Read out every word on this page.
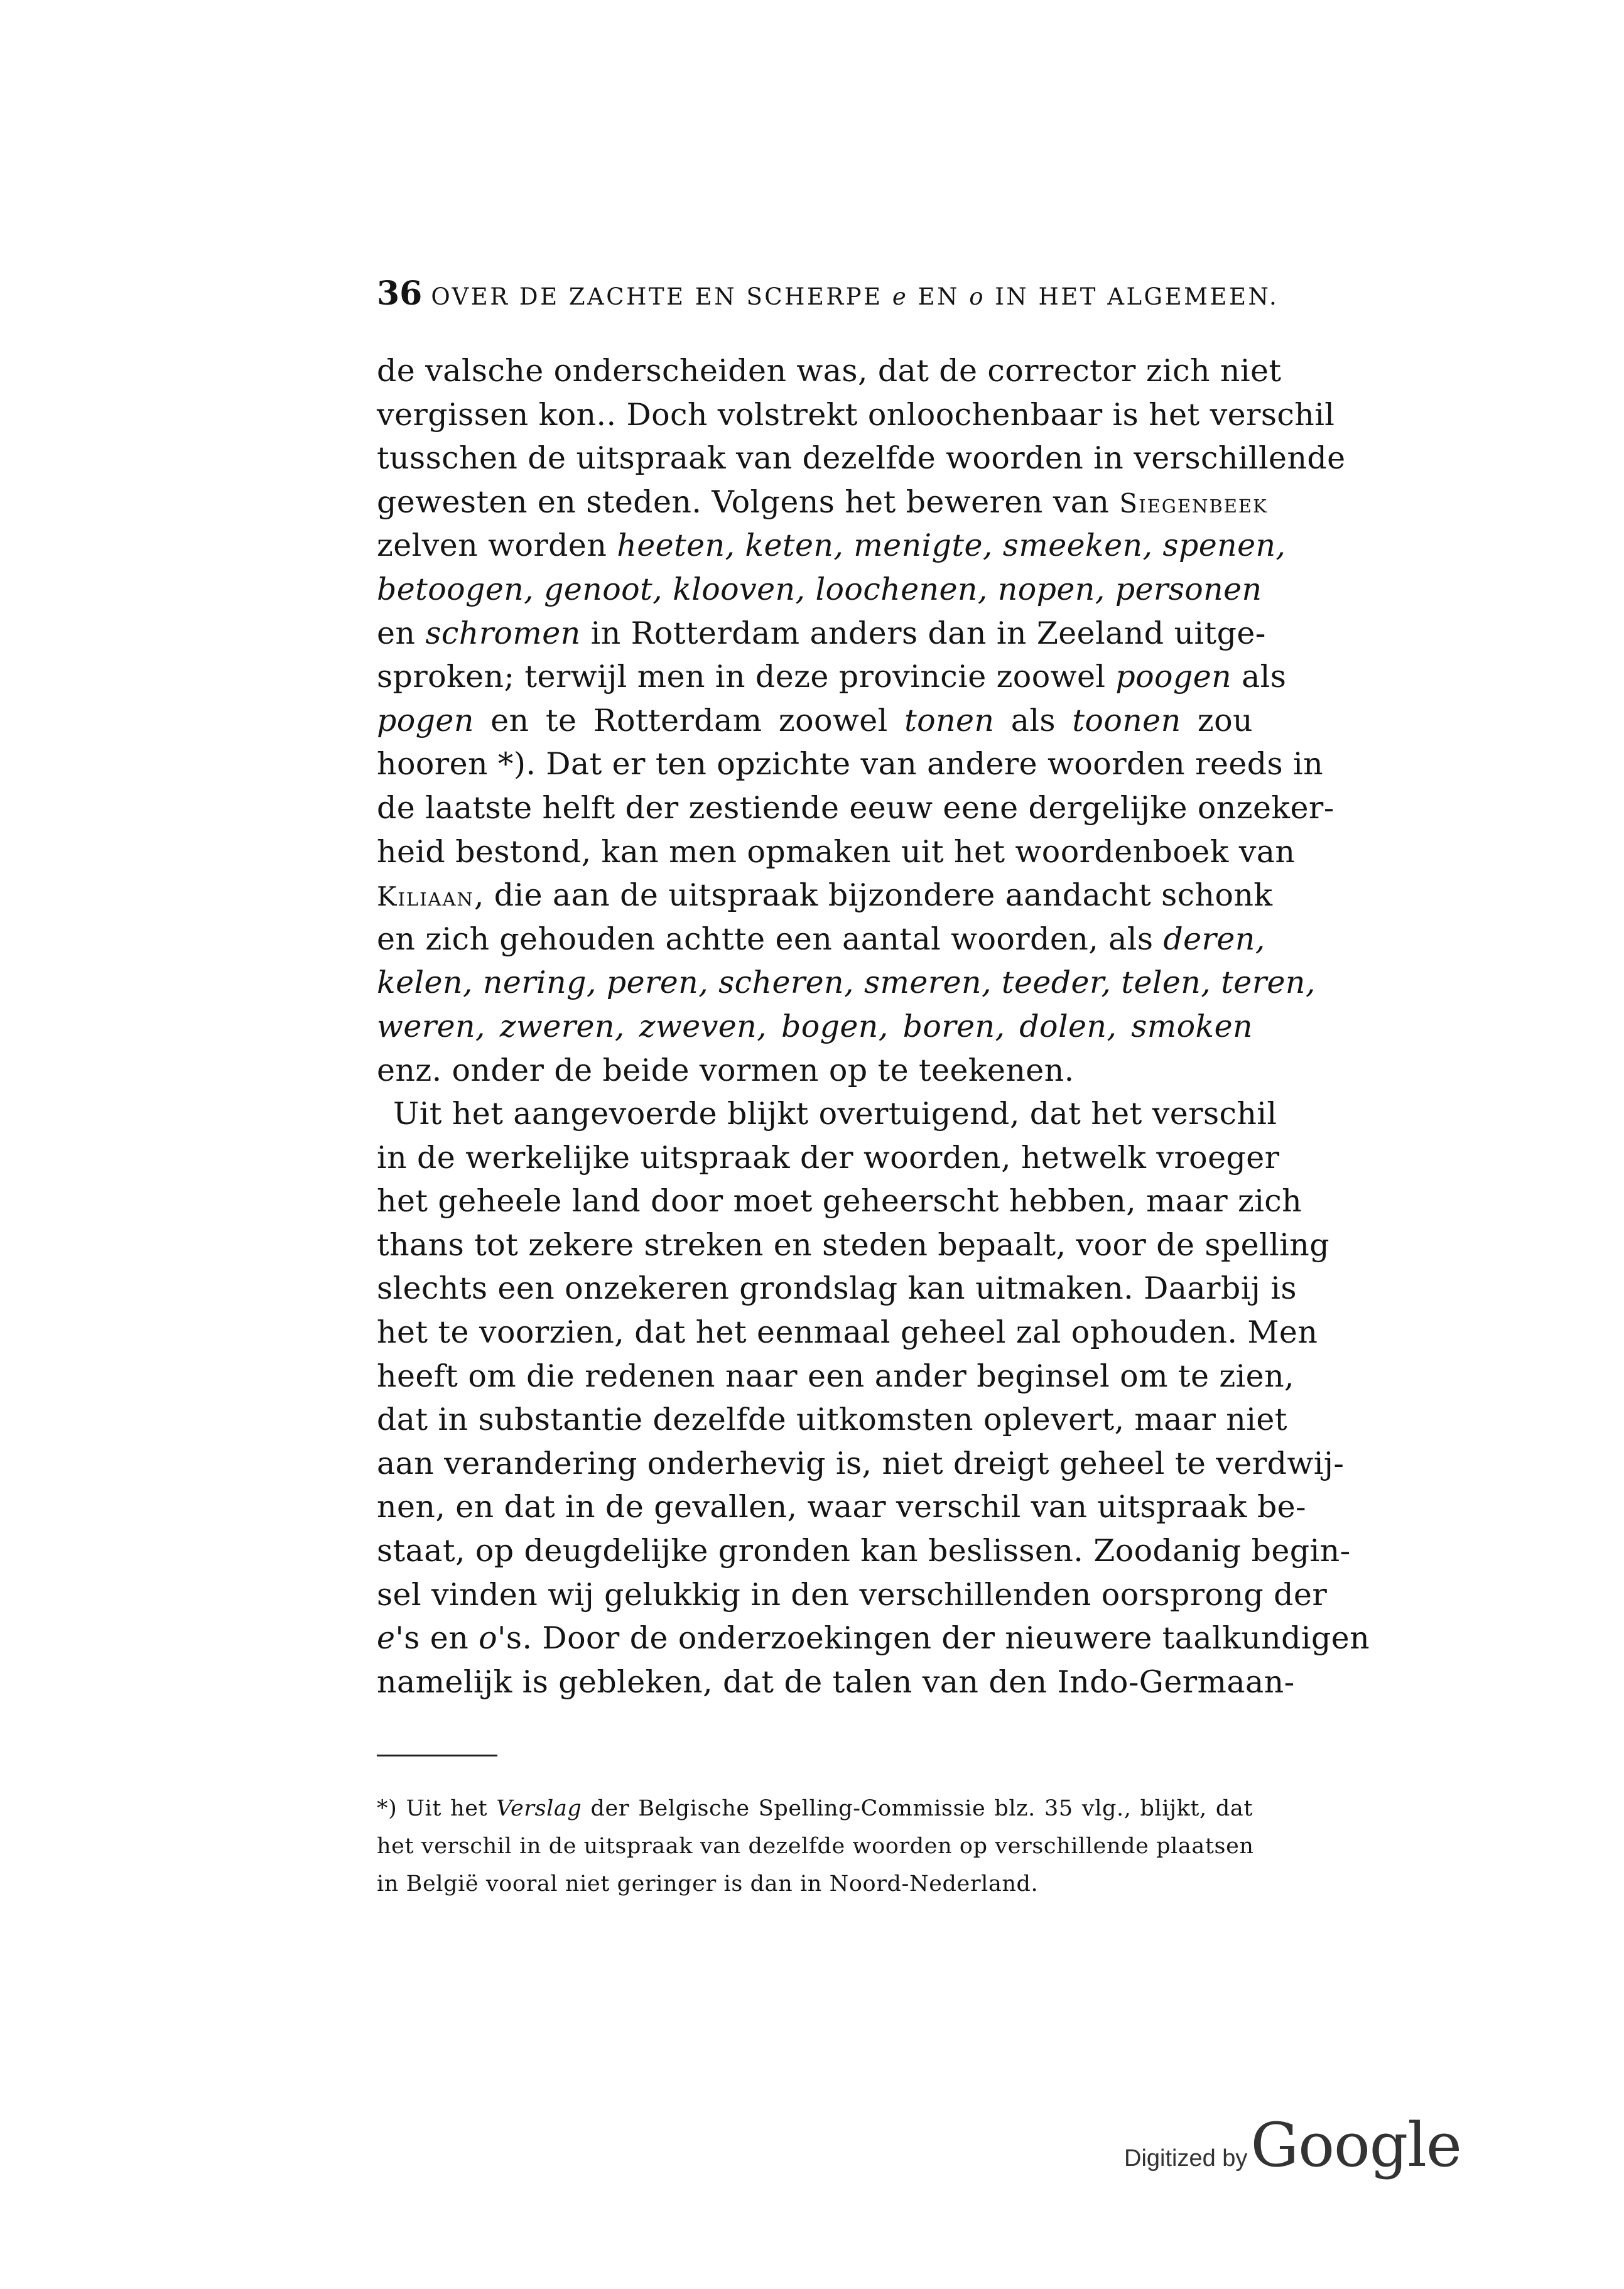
36 OVER DE ZACHTE EN SCHERPE e EN o IN HET ALGEMEEN.
de valsche onderscheiden was, dat de corrector zich niet
vergissen kon.. Doch volstrekt onloochenbaar is het verschil
tusschen de uitspraak van dezelfde woorden in verschillende
gewesten en steden. Volgens het beweren van Siegenbeek
zelven worden heeten, keten, menigte, smeeken, spenen,
betoogen, genoot, klooven, loochenen, nopen, personen
en schromen in Rotterdam anders dan in Zeeland uitge-
sproken; terwijl men in deze provincie zoowel poogen als
pogen en te Rotterdam zoowel tonen als toonen zou
hooren *). Dat er ten opzichte van andere woorden reeds in
de laatste helft der zestiende eeuw eene dergelijke onzeker-
heid bestond, kan men opmaken uit het woordenboek van
Kiliaan, die aan de uitspraak bijzondere aandacht schonk
en zich gehouden achtte een aantal woorden, als deren,
kelen, nering, peren, scheren, smeren, teeder, telen, teren,
weren, zweren, zweven, bogen, boren, dolen, smoken
enz. onder de beide vormen op te teekenen.
Uit het aangevoerde blijkt overtuigend, dat het verschil
in de werkelijke uitspraak der woorden, hetwelk vroeger
het geheele land door moet geheerscht hebben, maar zich
thans tot zekere streken en steden bepaalt, voor de spelling
slechts een onzekeren grondslag kan uitmaken. Daarbij is
het te voorzien, dat het eenmaal geheel zal ophouden. Men
heeft om die redenen naar een ander beginsel om te zien,
dat in substantie dezelfde uitkomsten oplevert, maar niet
aan verandering onderhevig is, niet dreigt geheel te verdwij-
nen, en dat in de gevallen, waar verschil van uitspraak be-
staat, op deugdelijke gronden kan beslissen. Zoodanig begin-
sel vinden wij gelukkig in den verschillenden oorsprong der
e's en o's. Door de onderzoekingen der nieuwere taalkundigen
namelijk is gebleken, dat de talen van den Indo-Germaan-
*) Uit het Verslag der Belgische Spelling-Commissie blz. 35 vlg., blijkt, dat
het verschil in de uitspraak van dezelfde woorden op verschillende plaatsen
in België vooral niet geringer is dan in Noord-Nederland.
Digitized by Google
